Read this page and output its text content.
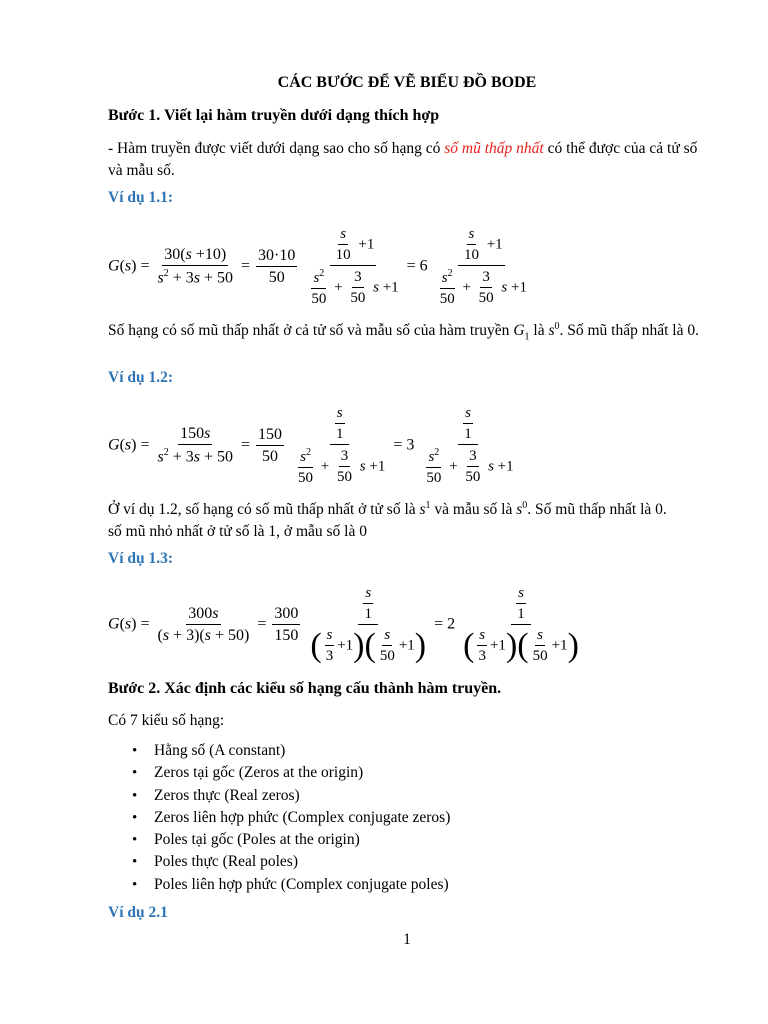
CÁC BƯỚC ĐỂ VẼ BIỂU ĐỒ BODE
Bước 1. Viết lại hàm truyền dưới dạng thích hợp
- Hàm truyền được viết dưới dạng sao cho số hạng có số mũ thấp nhất có thể được của cả tử số và mẫu số.
Ví dụ 1.1:
$G(s) = \frac{30(s +10)}{s^2 + 3s + 50} = \frac{30\cdot 10}{50}$
$\frac{\frac{s}{10} +1}{\frac{s^2}{50} + \frac{3}{50} s +1} = 6 \frac{\frac{s}{10} +1}{\frac{s^2}{50} + \frac{3}{50} s +1}$
Số hạng có số mũ thấp nhất ở cả tử số và mẫu số của hàm truyền $G_1$ là $s^0$. Số mũ thấp nhất là 0.
Ví dụ 1.2:
$G(s) = \frac{150s}{s^2 + 3s + 50} = \frac{150}{50}$
$\frac{\frac{s}{1}}{\frac{s^2}{50} + \frac{3}{50} s +1} = 3 \frac{\frac{s}{1}}{\frac{s^2}{50} + \frac{3}{50} s +1}$
Ở ví dụ 1.2, số hạng có số mũ thấp nhất ở tử số là $s^1$ và mẫu số là $s^0$. Số mũ thấp nhất là 0.
số mũ nhỏ nhất ở tử số là 1, ở mẫu số là 0
Ví dụ 1.3:
$G(s) = \frac{300s}{(s + 3)(s + 50)} = \frac{300}{150}$
$\frac{\frac{s}{1}}{( \frac{s}{3} +1)( \frac{s}{50} +1)} = 2 \frac{\frac{s}{1}}{( \frac{s}{3} +1)( \frac{s}{50} +1)}$
Bước 2. Xác định các kiểu số hạng cấu thành hàm truyền.
Có 7 kiểu số hạng:
• Hằng số (A constant)
• Zeros tại gốc (Zeros at the origin)
• Zeros thực (Real zeros)
• Zeros liên hợp phức (Complex conjugate zeros)
• Poles tại gốc (Poles at the origin)
• Poles thực (Real poles)
• Poles liên hợp phức (Complex conjugate poles)
Ví dụ 2.1
1
